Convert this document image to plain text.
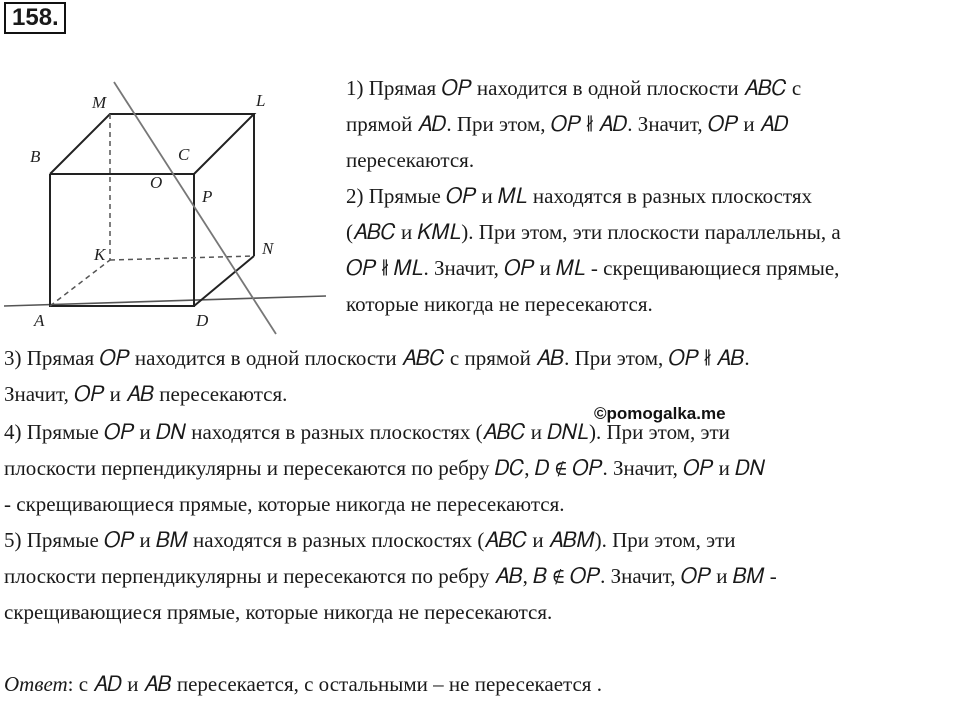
158.
M	L
B	C
O
P
K	N
A	D
1) Прямая 𝑂𝑃 находится в одной плоскости 𝐴𝐵𝐶 с
прямой 𝐴𝐷. При этом, 𝑂𝑃 ∦ 𝐴𝐷. Значит, 𝑂𝑃 и 𝐴𝐷
пересекаются.
2) Прямые 𝑂𝑃 и 𝑀𝐿 находятся в разных плоскостях
(𝐴𝐵𝐶 и 𝐾𝑀𝐿). При этом, эти плоскости параллельны, а
𝑂𝑃 ∦ 𝑀𝐿. Значит, 𝑂𝑃 и 𝑀𝐿 - скрещивающиеся прямые,
которые никогда не пересекаются.
3) Прямая 𝑂𝑃 находится в одной плоскости 𝐴𝐵𝐶 с прямой 𝐴𝐵. При этом, 𝑂𝑃 ∦ 𝐴𝐵.
Значит, 𝑂𝑃 и 𝐴𝐵 пересекаются.
©pomogalka.me
4) Прямые 𝑂𝑃 и 𝐷𝑁 находятся в разных плоскостях (𝐴𝐵𝐶 и 𝐷𝑁𝐿). При этом, эти
плоскости перпендикулярны и пересекаются по ребру 𝐷𝐶, 𝐷 ∉ 𝑂𝑃. Значит, 𝑂𝑃 и 𝐷𝑁
- скрещивающиеся прямые, которые никогда не пересекаются.
5) Прямые 𝑂𝑃 и 𝐵𝑀 находятся в разных плоскостях (𝐴𝐵𝐶 и 𝐴𝐵𝑀). При этом, эти
плоскости перпендикулярны и пересекаются по ребру 𝐴𝐵, 𝐵 ∉ 𝑂𝑃. Значит, 𝑂𝑃 и 𝐵𝑀 -
скрещивающиеся прямые, которые никогда не пересекаются.
Ответ: с 𝐴𝐷 и 𝐴𝐵 пересекается, с остальными – не пересекается .
